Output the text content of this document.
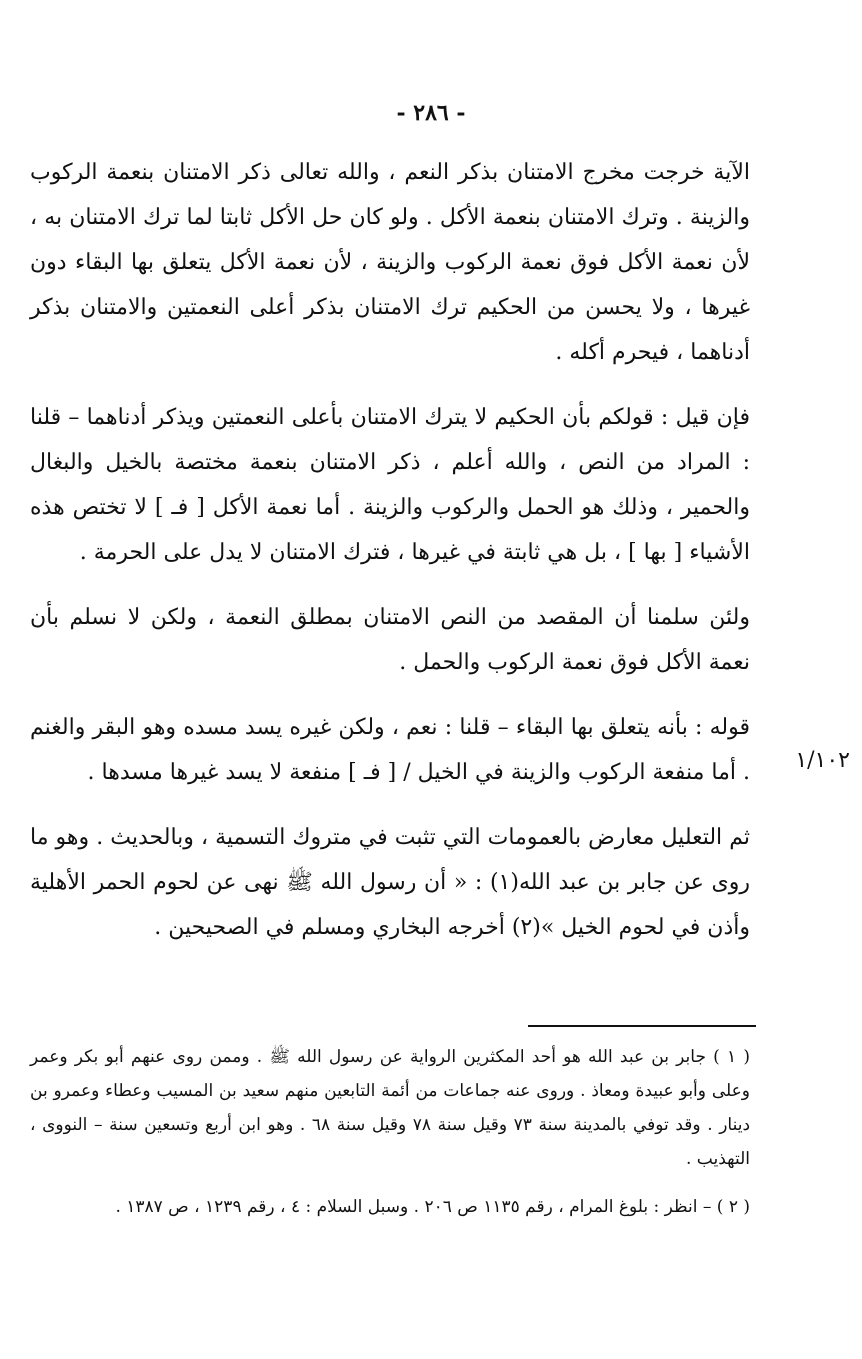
- ٢٨٦ -

الآية خرجت مخرج الامتنان بذكر النعم ، والله تعالى ذكر الامتنان بنعمة الركوب والزينة . وترك الامتنان بنعمة الأكل . ولو كان حل الأكل ثابتا لما ترك الامتنان به ، لأن نعمة الأكل فوق نعمة الركوب والزينة ، لأن نعمة الأكل يتعلق بها البقاء دون غيرها ، ولا يحسن من الحكيم ترك الامتنان بذكر أعلى النعمتين والامتنان بذكر أدناهما ، فيحرم أكله .

فإن قيل : قولكم بأن الحكيم لا يترك الامتنان بأعلى النعمتين ويذكر أدناهما – قلنا : المراد من النص ، والله أعلم ، ذكر الامتنان بنعمة مختصة بالخيل والبغال والحمير ، وذلك هو الحمل والركوب والزينة . أما نعمة الأكل [ فـ ] لا تختص هذه الأشياء [ بها ] ، بل هي ثابتة في غيرها ، فترك الامتنان لا يدل على الحرمة .

ولئن سلمنا أن المقصد من النص الامتنان بمطلق النعمة ، ولكن لا نسلم بأن نعمة الأكل فوق نعمة الركوب والحمل .

قوله : بأنه يتعلق بها البقاء – قلنا : نعم ، ولكن غيره يسد مسده وهو البقر والغنم . أما منفعة الركوب والزينة في الخيل / [ فـ ] منفعة لا يسد غيرها مسدها .

ثم التعليل معارض بالعمومات التي تثبت في متروك التسمية ، وبالحديث . وهو ما روى عن جابر بن عبد الله(١) : « أن رسول الله ﷺ نهى عن لحوم الحمر الأهلية وأذن في لحوم الخيل »(٢) أخرجه البخاري ومسلم في الصحيحين .

١/١٠٢

( ١ ) جابر بن عبد الله هو أحد المكثرين الرواية عن رسول الله ﷺ . وممن روى عنهم أبو بكر وعمر وعلى وأبو عبيدة ومعاذ . وروى عنه جماعات من أئمة التابعين منهم سعيد بن المسيب وعطاء وعمرو بن دينار . وقد توفي بالمدينة سنة ٧٣ وقيل سنة ٧٨ وقيل سنة ٦٨ . وهو ابن أربع وتسعين سنة – النووى ، التهذيب .

( ٢ ) – انظر : بلوغ المرام ، رقم ١١٣٥ ص ٢٠٦ . وسبل السلام : ٤ ، رقم ١٢٣٩ ، ص ١٣٨٧ .
